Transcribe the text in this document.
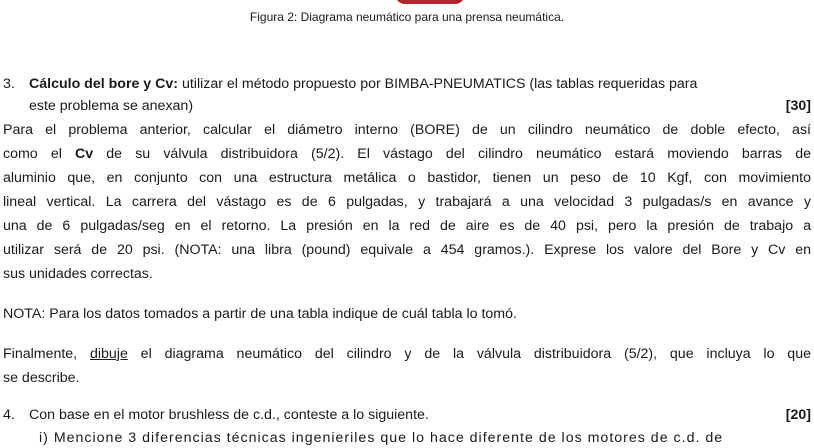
Figura 2: Diagrama neumático para una prensa neumática.
3. Cálculo del bore y Cv: utilizar el método propuesto por BIMBA-PNEUMATICS (las tablas requeridas para
este problema se anexan)	[30]
Para el problema anterior, calcular el diámetro interno (BORE) de un cilindro neumático de doble efecto, así
como el Cv de su válvula distribuidora (5/2). El vástago del cilindro neumático estará moviendo barras de
aluminio que, en conjunto con una estructura metálica o bastidor, tienen un peso de 10 Kgf, con movimiento
lineal vertical. La carrera del vástago es de 6 pulgadas, y trabajará a una velocidad 3 pulgadas/s en avance y
una de 6 pulgadas/seg en el retorno. La presión en la red de aire es de 40 psi, pero la presión de trabajo a
utilizar será de 20 psi. (NOTA: una libra (pound) equivale a 454 gramos.). Exprese los valore del Bore y Cv en
sus unidades correctas.
NOTA: Para los datos tomados a partir de una tabla indique de cuál tabla lo tomó.
Finalmente, dibuje el diagrama neumático del cilindro y de la válvula distribuidora (5/2), que incluya lo que
se describe.
4. Con base en el motor brushless de c.d., conteste a lo siguiente.	[20]
i) Mencione 3 diferencias técnicas ingenieriles que lo hace diferente de los motores de c.d. de
